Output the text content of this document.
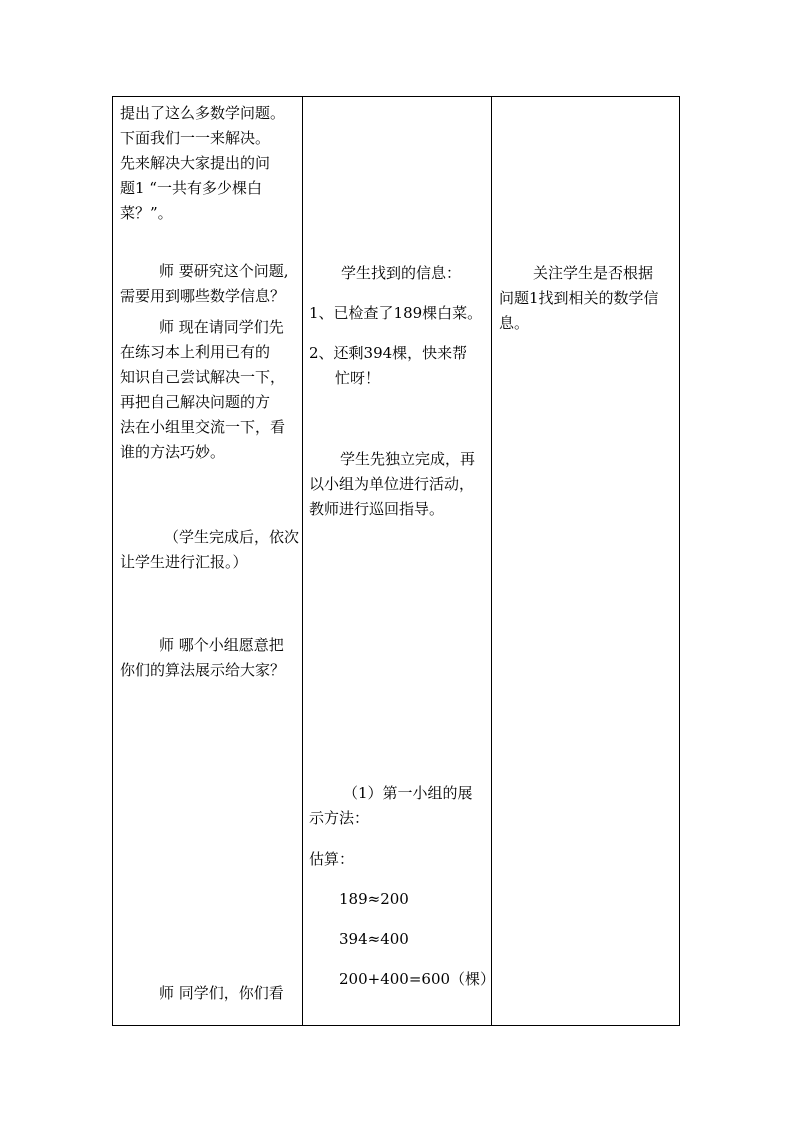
提出了这么多数学问题。
下面我们一一来解决。
先来解决大家提出的问
题1 “一共有多少棵白
菜？”。
师 要研究这个问题,
需要用到哪些数学信息？
师 现在请同学们先
在练习本上利用已有的
知识自己尝试解决一下，
再把自己解决问题的方
法在小组里交流一下，看
谁的方法巧妙。
（学生完成后，依次
让学生进行汇报。）
师 哪个小组愿意把
你们的算法展示给大家？
师 同学们，你们看
学生找到的信息：
1、已检查了189棵白菜。
2、还剩394棵，快来帮
忙呀！
学生先独立完成，再
以小组为单位进行活动，
教师进行巡回指导。
（1）第一小组的展
示方法：
估算：
189≈200
394≈400
200+400=600（棵）
关注学生是否根据
问题1找到相关的数学信
息。
